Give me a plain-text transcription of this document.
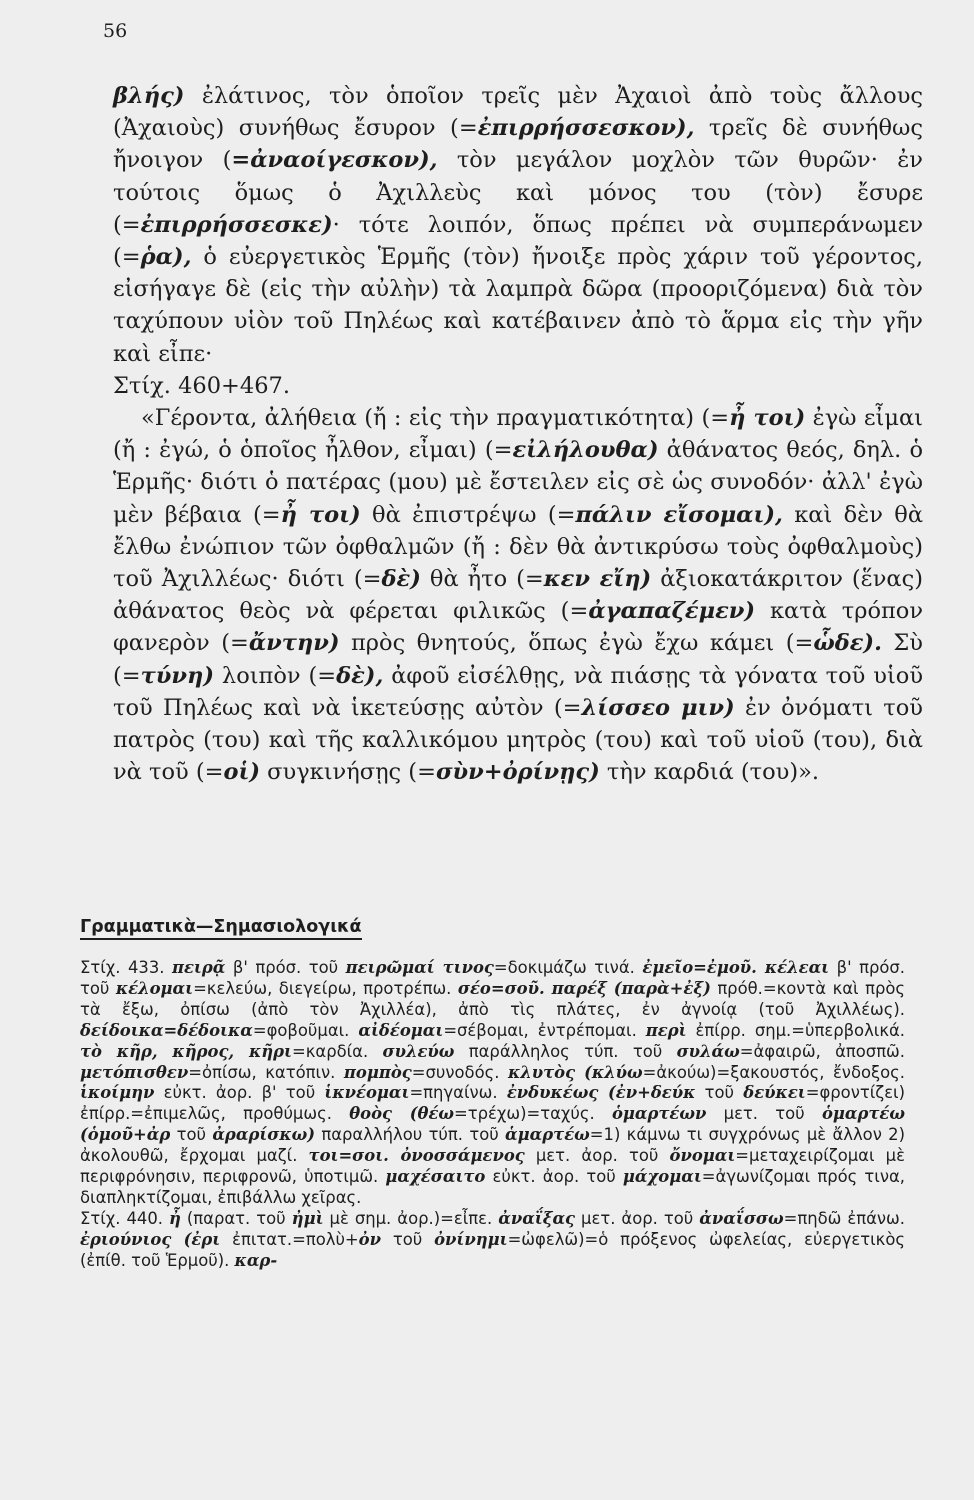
56

βλής) ἐλάτινος, τὸν ὁποῖον τρεῖς μὲν Ἀχαιοὶ ἀπὸ τοὺς ἄλλους (Ἀχαιοὺς) συνήθως ἔσυρον (=ἐπιρρήσσεσκον), τρεῖς δὲ συνήθως ἤνοιγον (=ἀναοίγεσκον), τὸν μεγάλον μοχλὸν τῶν θυρῶν· ἐν τούτοις ὅμως ὁ Ἀχιλλεὺς καὶ μόνος του (τὸν) ἔσυρε (=ἐπιρρήσσεσκε)· τότε λοιπόν, ὅπως πρέπει νὰ συμπεράνωμεν (=ῥα), ὁ εὐεργετικὸς Ἑρμῆς (τὸν) ἤνοιξε πρὸς χάριν τοῦ γέροντος, εἰσήγαγε δὲ (εἰς τὴν αὐλὴν) τὰ λαμπρὰ δῶρα (προοριζόμενα) διὰ τὸν ταχύπουν υἱὸν τοῦ Πηλέως καὶ κατέβαινεν ἀπὸ τὸ ἅρμα εἰς τὴν γῆν καὶ εἶπε·

Στίχ. 460+467.

«Γέροντα, ἀλήθεια (ἤ : εἰς τὴν πραγματικότητα) (=ἦ τοι) ἐγὼ εἶμαι (ἤ : ἐγώ, ὁ ὁποῖος ἦλθον, εἶμαι) (=εἰλήλουθα) ἀθάνατος θεός, δηλ. ὁ Ἑρμῆς· διότι ὁ πατέρας (μου) μὲ ἔστειλεν εἰς σὲ ὡς συνοδόν· ἀλλ' ἐγὼ μὲν βέβαια (=ἦ τοι) θὰ ἐπιστρέψω (=πάλιν εἴσομαι), καὶ δὲν θὰ ἔλθω ἐνώπιον τῶν ὀφθαλμῶν (ἤ : δὲν θὰ ἀντικρύσω τοὺς ὀφθαλμοὺς) τοῦ Ἀχιλλέως· διότι (=δὲ) θὰ ἦτο (=κεν εἴη) ἀξιοκατάκριτον (ἕνας) ἀθάνατος θεὸς νὰ φέρεται φιλικῶς (=ἀγαπαζέμεν) κατὰ τρόπον φανερὸν (=ἄντην) πρὸς θνητούς, ὅπως ἐγὼ ἔχω κάμει (=ὧδε). Σὺ (=τύνη) λοιπὸν (=δὲ), ἀφοῦ εἰσέλθῃς, νὰ πιάσῃς τὰ γόνατα τοῦ υἱοῦ τοῦ Πηλέως καὶ νὰ ἱκετεύσῃς αὐτὸν (=λίσσεο μιν) ἐν ὀνόματι τοῦ πατρὸς (του) καὶ τῆς καλλικόμου μητρὸς (του) καὶ τοῦ υἱοῦ (του), διὰ νὰ τοῦ (=οἱ) συγκινήσῃς (=σὺν+ὀρίνῃς) τὴν καρδιά (του)».

Γραμματικὰ—Σημασιολογικά

Στίχ. 433. πειρᾷ β' πρόσ. τοῦ πειρῶμαί τινος=δοκιμάζω τινά. ἐμεῖο=ἐμοῦ. κέλεαι β' πρόσ. τοῦ κέλομαι=κελεύω, διεγείρω, προτρέπω. σέο=σοῦ. παρέξ (παρὰ+ἐξ) πρόθ.=κοντὰ καὶ πρὸς τὰ ἔξω, ὀπίσω (ἀπὸ τὸν Ἀχιλλέα), ἀπὸ τὶς πλάτες, ἐν ἀγνοίᾳ (τοῦ Ἀχιλλέως). δείδοικα=δέδοικα=φοβοῦμαι. αἰδέομαι=σέβομαι, ἐντρέπομαι. περὶ ἐπίρρ. σημ.=ὑπερβολικά. τὸ κῆρ, κῆρος, κῆρι=καρδία. συλεύω παράλληλος τύπ. τοῦ συλάω=ἀφαιρῶ, ἀποσπῶ. μετόπισθεν=ὀπίσω, κατόπιν. πομπὸς=συνοδός. κλυτὸς (κλύω=ἀκούω)=ξακουστός, ἔνδοξος. ἱκοίμην εὐκτ. ἀορ. β' τοῦ ἱκνέομαι=πηγαίνω. ἐνδυκέως (ἐν+δεύκ τοῦ δεύκει=φροντίζει) ἐπίρρ.=ἐπιμελῶς, προθύμως. θοὸς (θέω=τρέχω)=ταχύς. ὁμαρτέων μετ. τοῦ ὁμαρτέω (ὁμοῦ+ἀρ τοῦ ἀραρίσκω) παραλλήλου τύπ. τοῦ ἁμαρτέω=1) κάμνω τι συγχρόνως μὲ ἄλλον 2) ἀκολουθῶ, ἔρχομαι μαζί. τοι=σοι. ὀνοσσάμενος μετ. ἀορ. τοῦ ὄνομαι=μεταχειρίζομαι μὲ περιφρόνησιν, περιφρονῶ, ὑποτιμῶ. μαχέσαιτο εὐκτ. ἀορ. τοῦ μάχομαι=ἀγωνίζομαι πρός τινα, διαπληκτίζομαι, ἐπιβάλλω χεῖρας.

Στίχ. 440. ἦ (παρατ. τοῦ ἠμὶ μὲ σημ. ἀορ.)=εἶπε. ἀναΐξας μετ. ἀορ. τοῦ ἀναΐσσω=πηδῶ ἐπάνω. ἐριούνιος (ἐρι ἐπιτατ.=πολὺ+ὀν τοῦ ὀνίνημι=ὠφελῶ)=ὁ πρόξενος ὠφελείας, εὐεργετικὸς (ἐπίθ. τοῦ Ἑρμοῦ). καρ-
